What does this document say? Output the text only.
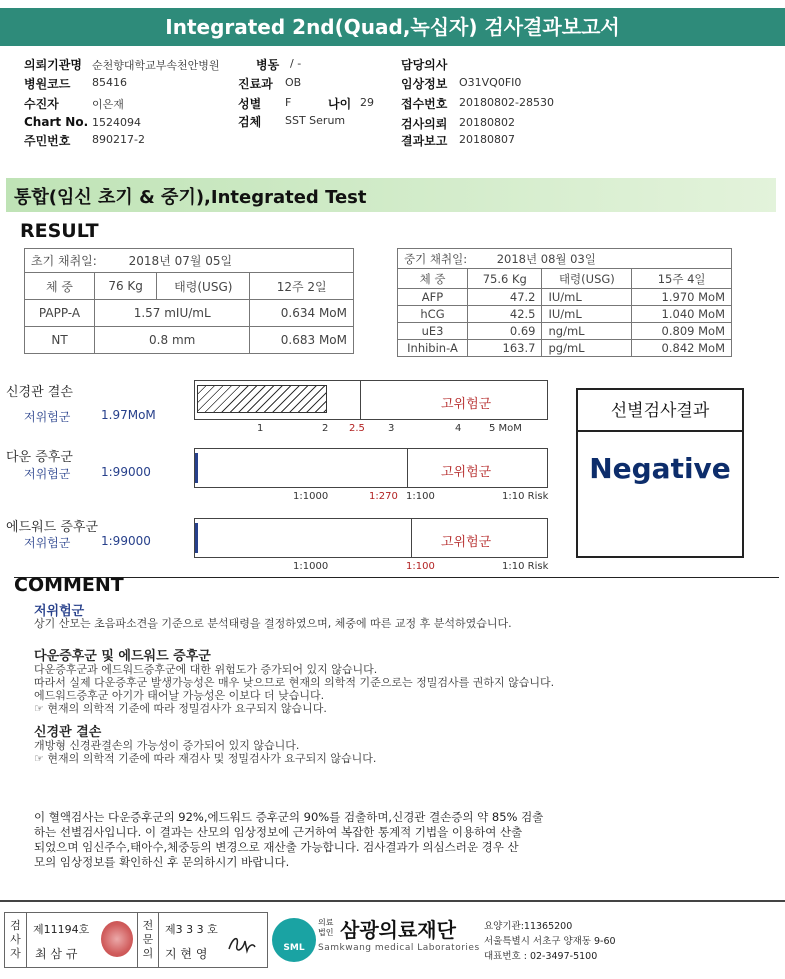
Integrated 2nd(Quad,녹십자) 검사결과보고서
의뢰기관명 순천향대학교부속천안병원	병동 / -	담당의사
병원코드 85416	진료과 OB	임상정보 O31VQ0FI0
수진자	이은재	성별 F	나이 29 접수번호 20180802-28530
Chart No. 1524094	검체 SST Serum	검사의뢰 20180802
주민번호 890217-2	결과보고 20180807
통합(임신 초기 & 중기),Integrated Test
RESULT
초기 채취일: 2018년 07월 05일			
체 중	76 Kg	태령(USG)	12주 2일
PAPP-A	1.57 mIU/mL		0.634 MoM
NT	0.8 mm		0.683 MoM
중기 채취일: 2018년 08월 03일			
체 중	75.6 Kg	태령(USG)	15주 4일
AFP	47.2	IU/mL	1.970 MoM
hCG	42.5	IU/mL	1.040 MoM
uE3	0.69	ng/mL	0.809 MoM
Inhibin-A	163.7	pg/mL	0.842 MoM
신경관 결손
저위험군	1.97MoM
고위험군
1	2 2.5 3	4	5 MoM
다운 증후군
저위험군	1:99000	고위험군
1:1000	1:270 1:100	1:10 Risk
에드워드 증후군
저위험군	1:99000	고위험군
1:1000	1:100	1:10 Risk
선별검사결과
Negative
COMMENT
저위험군
상기 산모는 초음파소견을 기준으로 분석태령을 결정하였으며, 체중에 따른 교정 후 분석하였습니다.
다운증후군 및 에드워드 증후군
다운증후군과 에드워드증후군에 대한 위험도가 증가되어 있지 않습니다.
따라서 실제 다운증후군 발생가능성은 매우 낮으므로 현재의 의학적 기준으로는 정밀검사를 권하지 않습니다.
에드워드증후군 아기가 태어날 가능성은 이보다 더 낮습니다.
☞ 현재의 의학적 기준에 따라 정밀검사가 요구되지 않습니다.
신경관 결손
개방형 신경관결손의 가능성이 증가되어 있지 않습니다.
☞ 현재의 의학적 기준에 따라 재검사 및 정밀검사가 요구되지 않습니다.
이 혈액검사는 다운증후군의 92%,에드워드 증후군의 90%를 검출하며,신경관 결손증의 약 85% 검출
하는 선별검사입니다. 이 결과는 산모의 임상정보에 근거하여 복잡한 통계적 기법을 이용하여 산출
되었으며 임신주수,태아수,체중등의 변경으로 재산출 가능합니다. 검사결과가 의심스러운 경우 산
모의 임상정보를 확인하신 후 문의하시기 바랍니다.
검사자
제11194호
최 삼 규
전문의
제3 3 3 호
지 현 영	SML
의료법인 삼광의료재단
Samkwang medical Laboratories
요양기관:11365200
서울특별시 서초구 양재동 9-60
대표번호 : 02-3497-5100
